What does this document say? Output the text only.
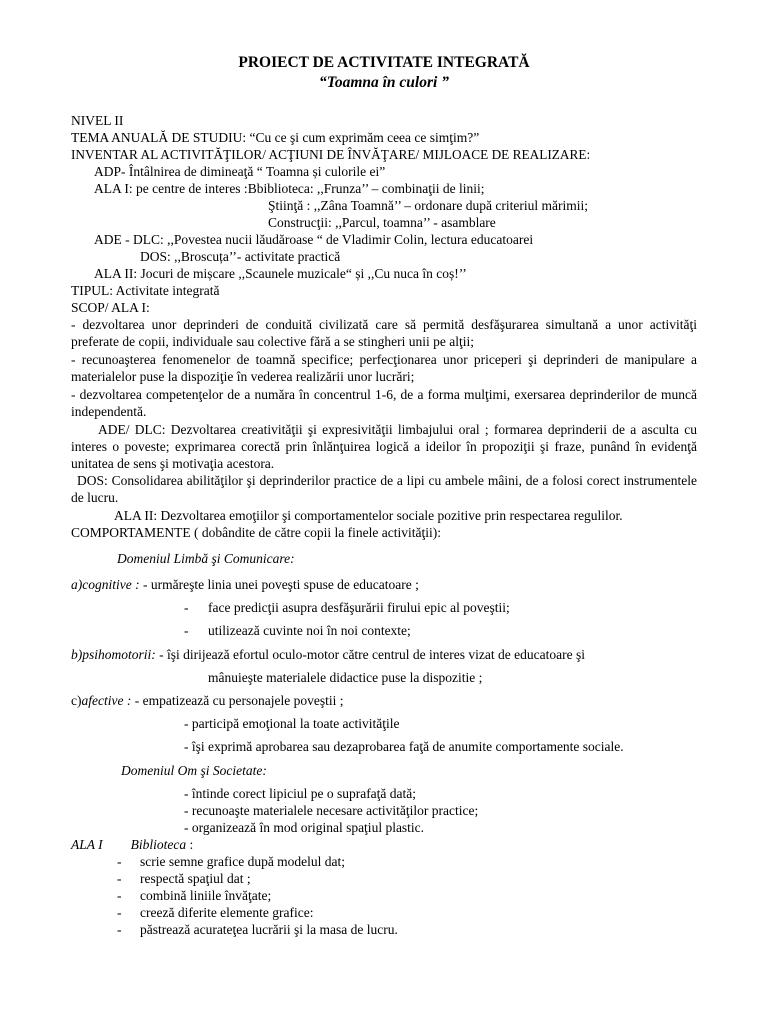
PROIECT DE ACTIVITATE INTEGRATĂ
“Toamna în culori ”
NIVEL II
TEMA ANUALĂ DE STUDIU: “Cu ce şi cum exprimăm ceea ce simţim?”
INVENTAR AL ACTIVITĂŢILOR/ ACŢIUNI DE ÎNVĂŢARE/ MIJLOACE DE REALIZARE:
ADP- Întâlnirea de dimineaţă “ Toamna și culorile ei”
ALA I: pe centre de interes :Bbiblioteca: ,,Frunza’’ – combinaţii de linii;
Ştiinţă : ,,Zâna Toamnă’’ – ordonare după criteriul mărimii;
Construcţii: ,,Parcul, toamna’’ - asamblare
ADE - DLC: ,,Povestea nucii lăudăroase “ de Vladimir Colin, lectura educatoarei
DOS: ,,Broscuța’’- activitate practică
ALA II: Jocuri de mișcare ,,Scaunele muzicale“ și ,,Cu nuca în coș!’’
TIPUL: Activitate integrată
SCOP/ ALA I:
- dezvoltarea unor deprinderi de conduită civilizată care să permită desfăşurarea simultană a unor activităţi preferate de copii, individuale sau colective fără a se stingheri unii pe alţii;
- recunoaşterea fenomenelor de toamnă specifice; perfecţionarea unor priceperi şi deprinderi de manipulare a materialelor puse la dispoziţie în vederea realizării unor lucrări;
- dezvoltarea competenţelor de a număra în concentrul 1-6, de a forma mulţimi, exersarea deprinderilor de muncă independentă.
ADE/ DLC: Dezvoltarea creativităţii şi expresivităţii limbajului oral ; formarea deprinderii de a asculta cu interes o poveste; exprimarea corectă prin înlănţuirea logică a ideilor în propoziţii şi fraze, punând în evidenţă unitatea de sens şi motivaţia acestora.
DOS: Consolidarea abilităţilor şi deprinderilor practice de a lipi cu ambele mâini, de a folosi corect instrumentele de lucru.
ALA II: Dezvoltarea emoţiilor şi comportamentelor sociale pozitive prin respectarea regulilor.
COMPORTAMENTE ( dobândite de către copii la finele activităţii):
Domeniul Limbă şi Comunicare:
a)cognitive : - urmăreşte linia unei poveşti spuse de educatoare ;
- face predicţii asupra desfăşurării firului epic al poveştii;
- utilizează cuvinte noi în noi contexte;
b)psihomotorii: - îşi dirijează efortul oculo-motor către centrul de interes vizat de educatoare şi
mânuieşte materialele didactice puse la dispozitie ;
c)afective : - empatizează cu personajele poveştii ;
- participă emoţional la toate activităţile
- îşi exprimă aprobarea sau dezaprobarea faţă de anumite comportamente sociale.
Domeniul Om şi Societate:
- întinde corect lipiciul pe o suprafaţă dată;
- recunoaşte materialele necesare activităţilor practice;
- organizează în mod original spaţiul plastic.
ALA I Biblioteca :
- scrie semne grafice după modelul dat;
- respectă spaţiul dat ;
- combină liniile învăţate;
- creeză diferite elemente grafice:
- păstrează acurateţea lucrării şi la masa de lucru.
